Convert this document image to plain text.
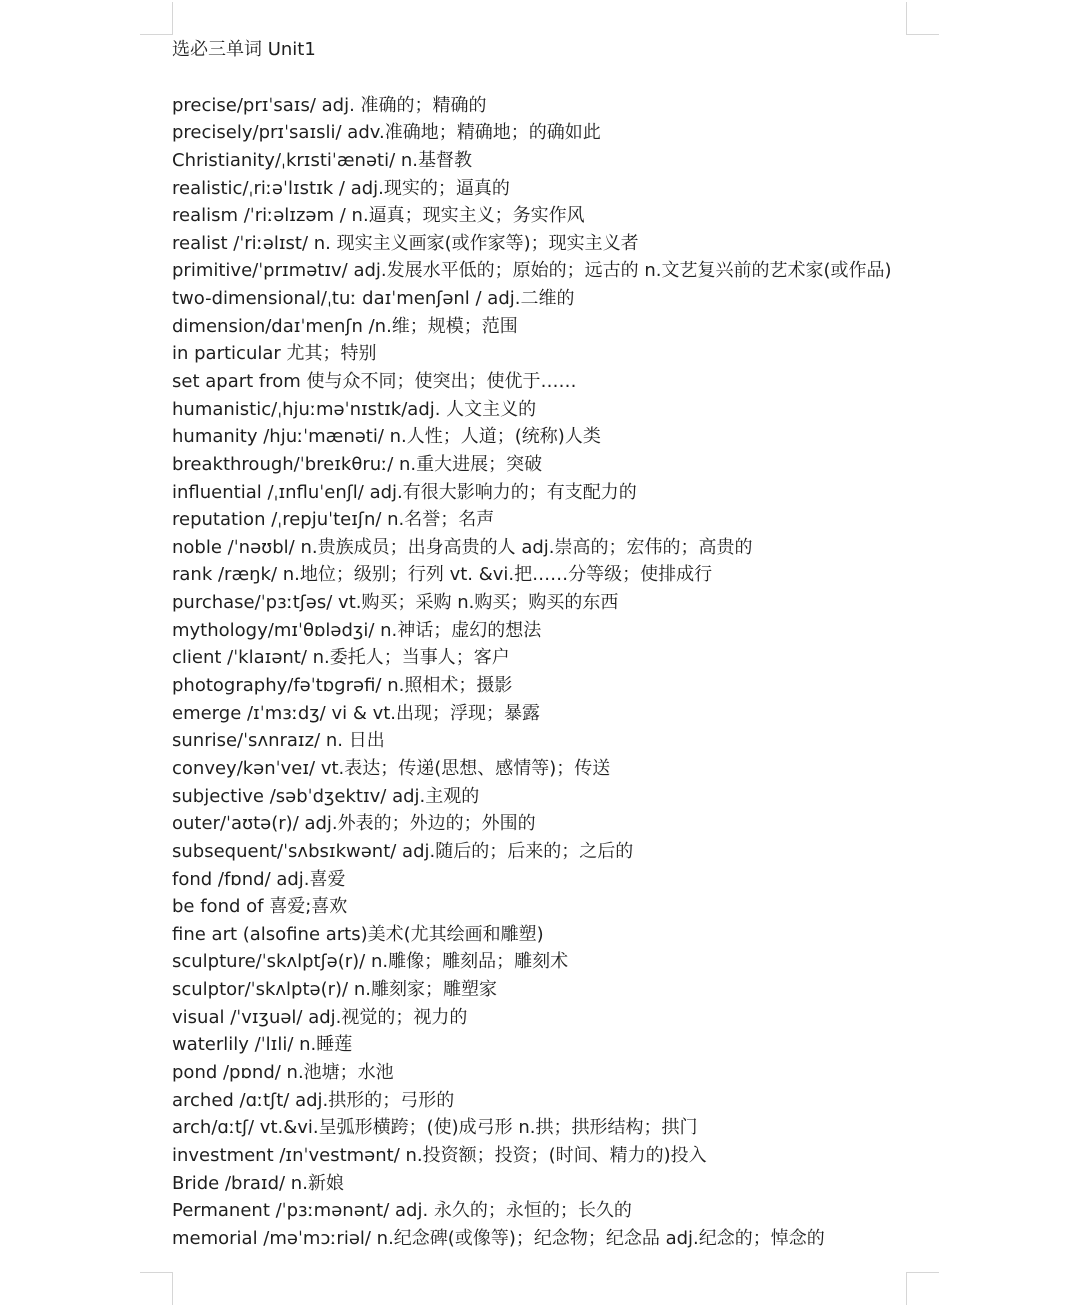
选必三单词 Unit1
precise/prɪˈsaɪs/ adj. 准确的；精确的
precisely/prɪˈsaɪsli/ adv.准确地；精确地；的确如此
Christianity/ˌkrɪstiˈænəti/ n.基督教
realistic/ˌriːəˈlɪstɪk / adj.现实的；逼真的
realism /ˈriːəlɪzəm / n.逼真；现实主义；务实作风
realist /ˈriːəlɪst/ n. 现实主义画家(或作家等)；现实主义者
primitive/ˈprɪmətɪv/ adj.发展水平低的；原始的；远古的 n.文艺复兴前的艺术家(或作品)
two-dimensional/ˌtuː daɪˈmenʃənl / adj.二维的
dimension/daɪˈmenʃn /n.维；规模；范围
in particular 尤其；特别
set apart from 使与众不同；使突出；使优于……
humanistic/ˌhjuːməˈnɪstɪk/adj. 人文主义的
humanity /hjuːˈmænəti/ n.人性；人道；(统称)人类
breakthrough/ˈbreɪkθruː/ n.重大进展；突破
influential /ˌɪnfluˈenʃl/ adj.有很大影响力的；有支配力的
reputation /ˌrepjuˈteɪʃn/ n.名誉；名声
noble /ˈnəʊbl/ n.贵族成员；出身高贵的人 adj.崇高的；宏伟的；高贵的
rank /ræŋk/ n.地位；级别；行列 vt. &vi.把……分等级；使排成行
purchase/ˈpɜːtʃəs/ vt.购买；采购 n.购买；购买的东西
mythology/mɪˈθɒlədʒi/ n.神话；虚幻的想法
client /ˈklaɪənt/ n.委托人；当事人；客户
photography/fəˈtɒɡrəfi/ n.照相术；摄影
emerge /ɪˈmɜːdʒ/ vi & vt.出现；浮现；暴露
sunrise/ˈsʌnraɪz/ n. 日出
convey/kənˈveɪ/ vt.表达；传递(思想、感情等)；传送
subjective /səbˈdʒektɪv/ adj.主观的
outer/ˈaʊtə(r)/ adj.外表的；外边的；外围的
subsequent/ˈsʌbsɪkwənt/ adj.随后的；后来的；之后的
fond /fɒnd/ adj.喜爱
be fond of 喜爱;喜欢
fine art (alsofine arts)美术(尤其绘画和雕塑)
sculpture/ˈskʌlptʃə(r)/ n.雕像；雕刻品；雕刻术
sculptor/ˈskʌlptə(r)/ n.雕刻家；雕塑家
visual /ˈvɪʒuəl/ adj.视觉的；视力的
waterlily /ˈlɪli/ n.睡莲
pond /pɒnd/ n.池塘；水池
arched /ɑːtʃt/ adj.拱形的；弓形的
arch/ɑːtʃ/ vt.&vi.呈弧形横跨；(使)成弓形 n.拱；拱形结构；拱门
investment /ɪnˈvestmənt/ n.投资额；投资；(时间、精力的)投入
Bride /braɪd/ n.新娘
Permanent /ˈpɜːmənənt/ adj. 永久的；永恒的；长久的
memorial /məˈmɔːriəl/ n.纪念碑(或像等)；纪念物；纪念品 adj.纪念的；悼念的
